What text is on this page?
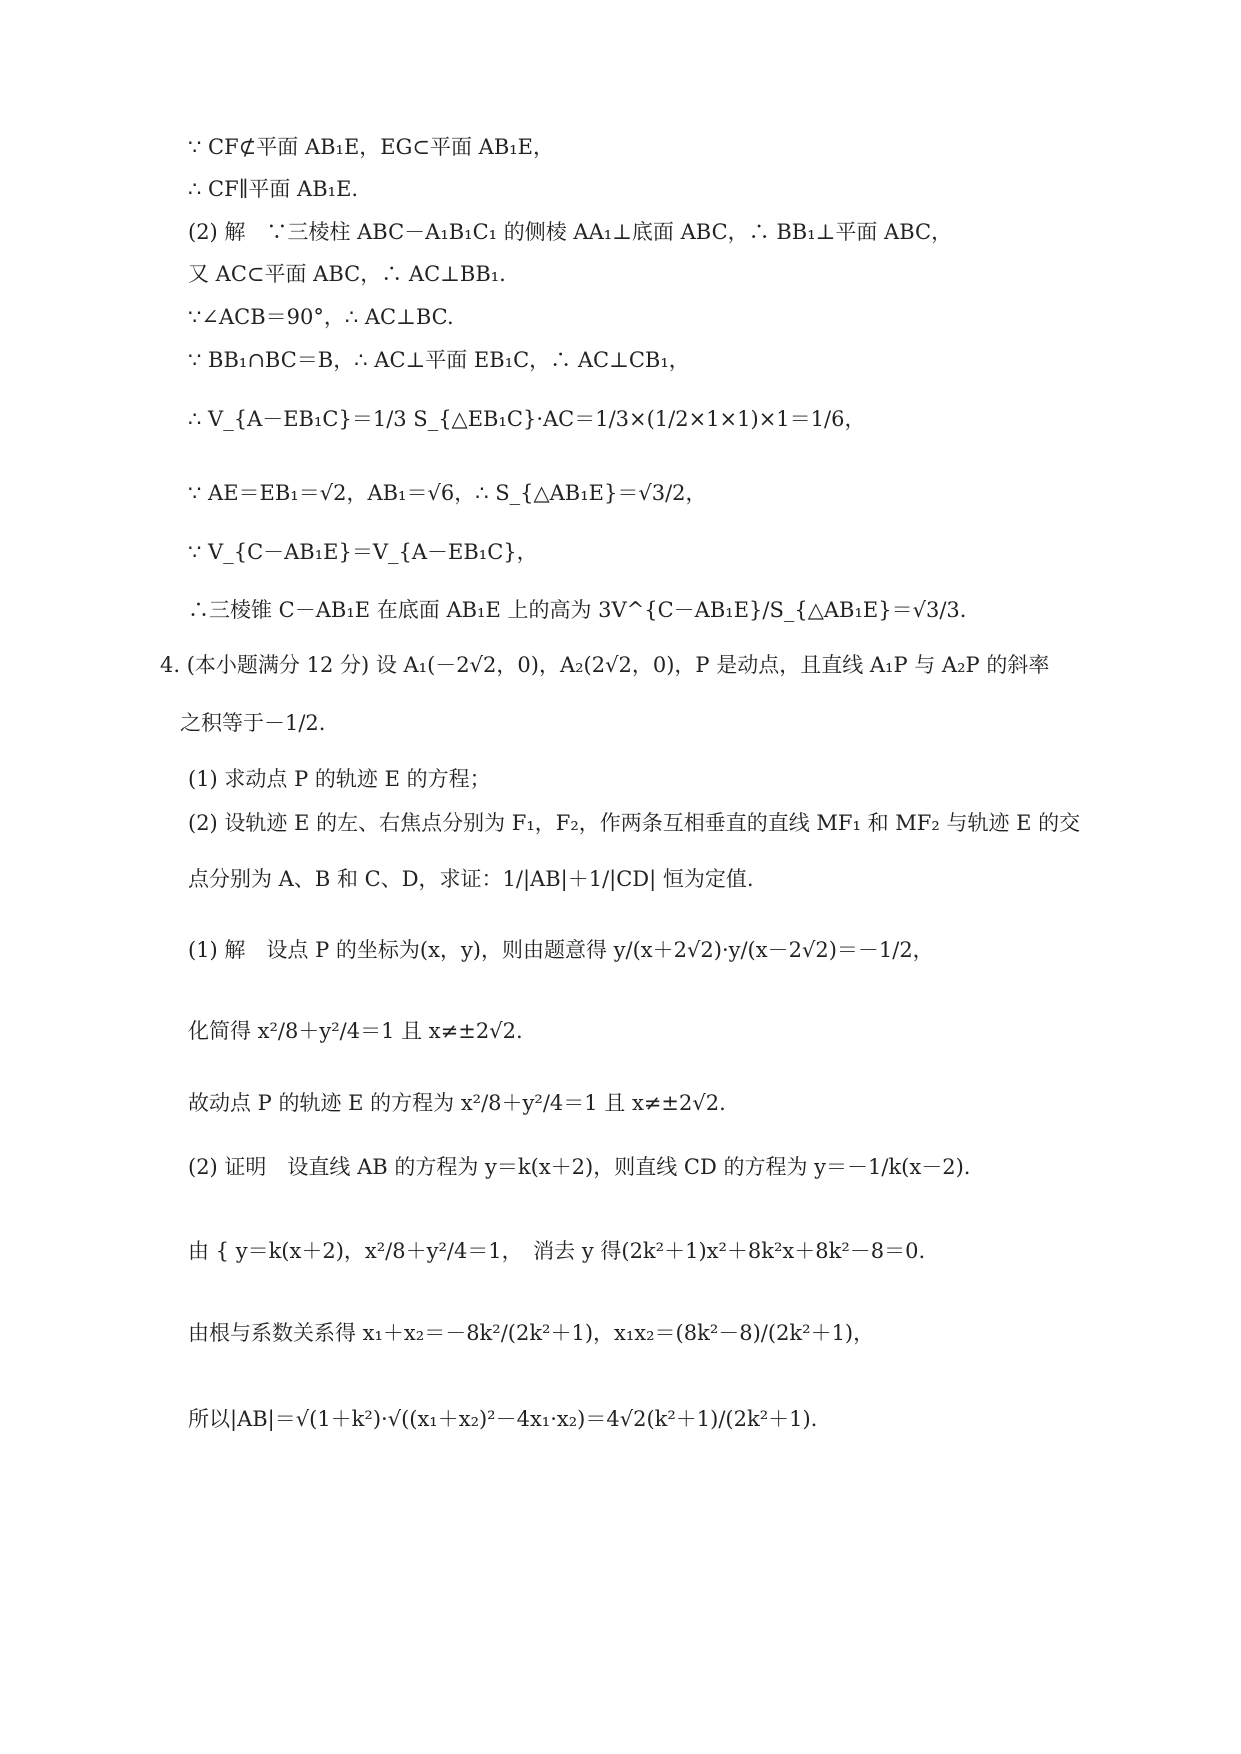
∵ CF⊄平面 AB₁E，EG⊂平面 AB₁E，
∴ CF∥平面 AB₁E.
(2) 解　∵三棱柱 ABC－A₁B₁C₁ 的侧棱 AA₁⊥底面 ABC，∴ BB₁⊥平面 ABC，
又 AC⊂平面 ABC，∴ AC⊥BB₁.
∵∠ACB＝90°，∴ AC⊥BC.
∵ BB₁∩BC＝B，∴ AC⊥平面 EB₁C，∴ AC⊥CB₁，
∴ V_{A－EB₁C}＝1/3 S_{△EB₁C}·AC＝1/3×(1/2×1×1)×1＝1/6，
∵ AE＝EB₁＝√2，AB₁＝√6，∴ S_{△AB₁E}＝√3/2，
∵ V_{C－AB₁E}＝V_{A－EB₁C}，
∴三棱锥 C－AB₁E 在底面 AB₁E 上的高为 3V^{C－AB₁E}/S_{△AB₁E}＝√3/3.
4. (本小题满分 12 分) 设 A₁(－2√2，0)，A₂(2√2，0)，P 是动点，且直线 A₁P 与 A₂P 的斜率
之积等于－1/2.
(1) 求动点 P 的轨迹 E 的方程；
(2) 设轨迹 E 的左、右焦点分别为 F₁，F₂，作两条互相垂直的直线 MF₁ 和 MF₂ 与轨迹 E 的交
点分别为 A、B 和 C、D，求证：1/|AB|＋1/|CD| 恒为定值.
(1) 解　设点 P 的坐标为(x，y)，则由题意得 y/(x＋2√2)·y/(x－2√2)＝－1/2，
化简得 x²/8＋y²/4＝1 且 x≠±2√2.
故动点 P 的轨迹 E 的方程为 x²/8＋y²/4＝1 且 x≠±2√2.
(2) 证明　设直线 AB 的方程为 y＝k(x＋2)，则直线 CD 的方程为 y＝－1/k(x－2).
由 { y＝k(x＋2)，x²/8＋y²/4＝1，　消去 y 得(2k²＋1)x²＋8k²x＋8k²－8＝0.
由根与系数关系得 x₁＋x₂＝－8k²/(2k²＋1)，x₁x₂＝(8k²－8)/(2k²＋1)，
所以|AB|＝√(1＋k²)·√((x₁＋x₂)²－4x₁·x₂)＝4√2(k²＋1)/(2k²＋1).
